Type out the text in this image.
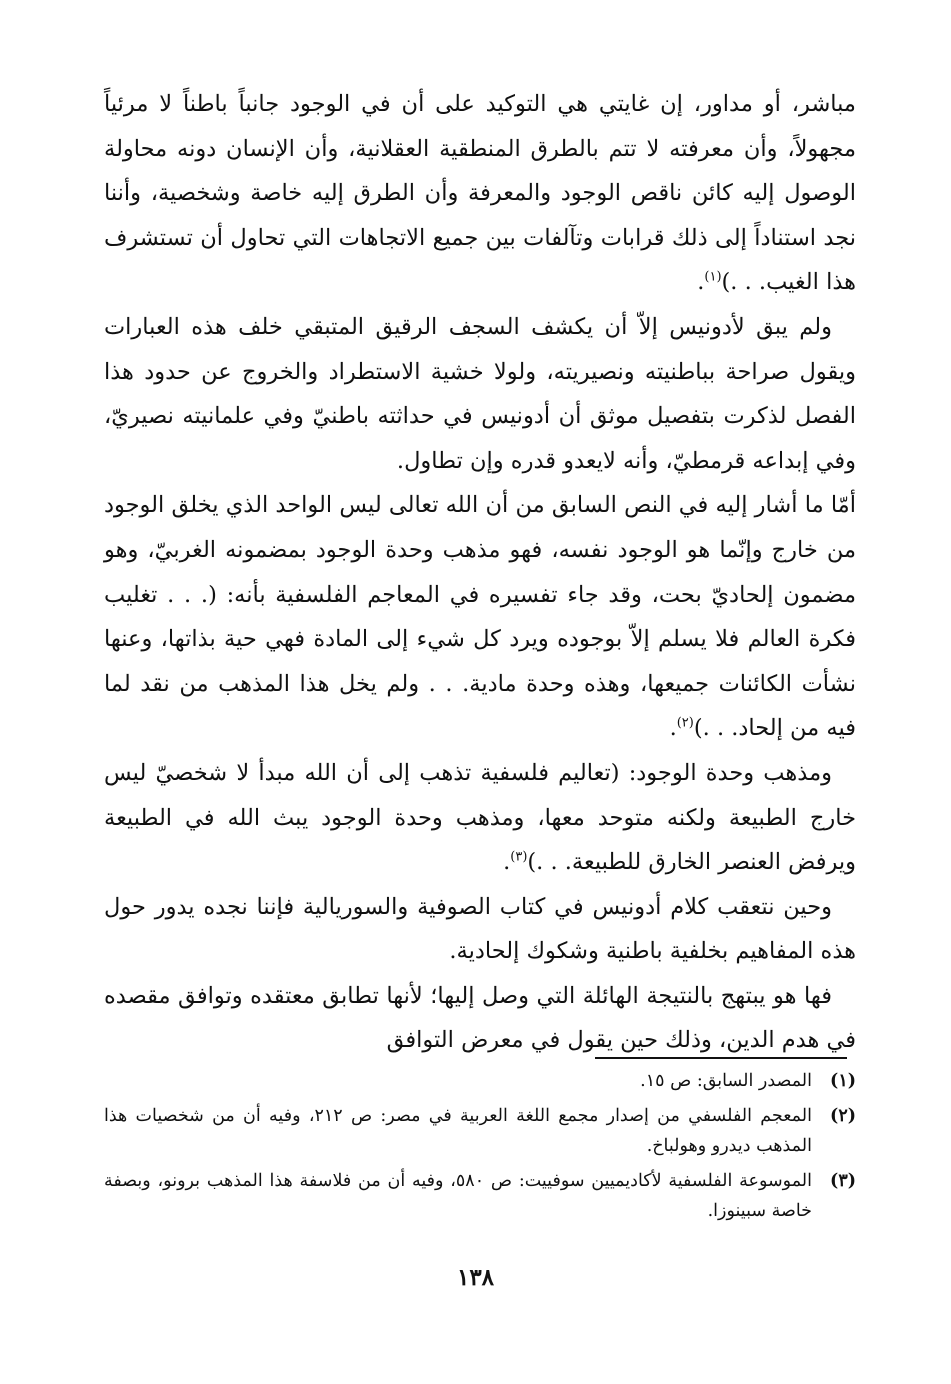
مباشر، أو مداور، إن غايتي هي التوكيد على أن في الوجود جانباً باطناً لا مرئياً مجهولاً، وأن معرفته لا تتم بالطرق المنطقية العقلانية، وأن الإنسان دونه محاولة الوصول إليه كائن ناقص الوجود والمعرفة وأن الطرق إليه خاصة وشخصية، وأننا نجد استناداً إلى ذلك قرابات وتآلفات بين جميع الاتجاهات التي تحاول أن تستشرف هذا الغيب. . .)$^{(١)}$.

ولم يبق لأدونيس إلاّ أن يكشف السجف الرقيق المتبقي خلف هذه العبارات ويقول صراحة بباطنيته ونصيريته، ولولا خشية الاستطراد والخروج عن حدود هذا الفصل لذكرت بتفصيل موثق أن أدونيس في حداثته باطنيّ وفي علمانيته نصيريّ، وفي إبداعه قرمطيّ، وأنه لايعدو قدره وإن تطاول.

أمّا ما أشار إليه في النص السابق من أن الله تعالى ليس الواحد الذي يخلق الوجود من خارج وإنّما هو الوجود نفسه، فهو مذهب وحدة الوجود بمضمونه الغربيّ، وهو مضمون إلحاديّ بحت، وقد جاء تفسيره في المعاجم الفلسفية بأنه: (. . . تغليب فكرة العالم فلا يسلم إلاّ بوجوده ويرد كل شيء إلى المادة فهي حية بذاتها، وعنها نشأت الكائنات جميعها، وهذه وحدة مادية. . . ولم يخل هذا المذهب من نقد لما فيه من إلحاد. . .)$^{(٢)}$.

ومذهب وحدة الوجود: (تعاليم فلسفية تذهب إلى أن الله مبدأ لا شخصيّ ليس خارج الطبيعة ولكنه متوحد معها، ومذهب وحدة الوجود يبث الله في الطبيعة ويرفض العنصر الخارق للطبيعة. . .)$^{(٣)}$.

وحين نتعقب كلام أدونيس في كتاب الصوفية والسوريالية فإننا نجده يدور حول هذه المفاهيم بخلفية باطنية وشكوك إلحادية.

فها هو يبتهج بالنتيجة الهائلة التي وصل إليها؛ لأنها تطابق معتقده وتوافق مقصده في هدم الدين، وذلك حين يقول في معرض التوافق

(١)
المصدر السابق: ص ١٥.
(٢)
المعجم الفلسفي من إصدار مجمع اللغة العربية في مصر: ص ٢١٢، وفيه أن من شخصيات هذا المذهب ديدرو وهولباخ.
(٣)
الموسوعة الفلسفية لأكاديميين سوفييت: ص ٥٨٠، وفيه أن من فلاسفة هذا المذهب برونو، وبصفة خاصة سبينوزا.
١٣٨
